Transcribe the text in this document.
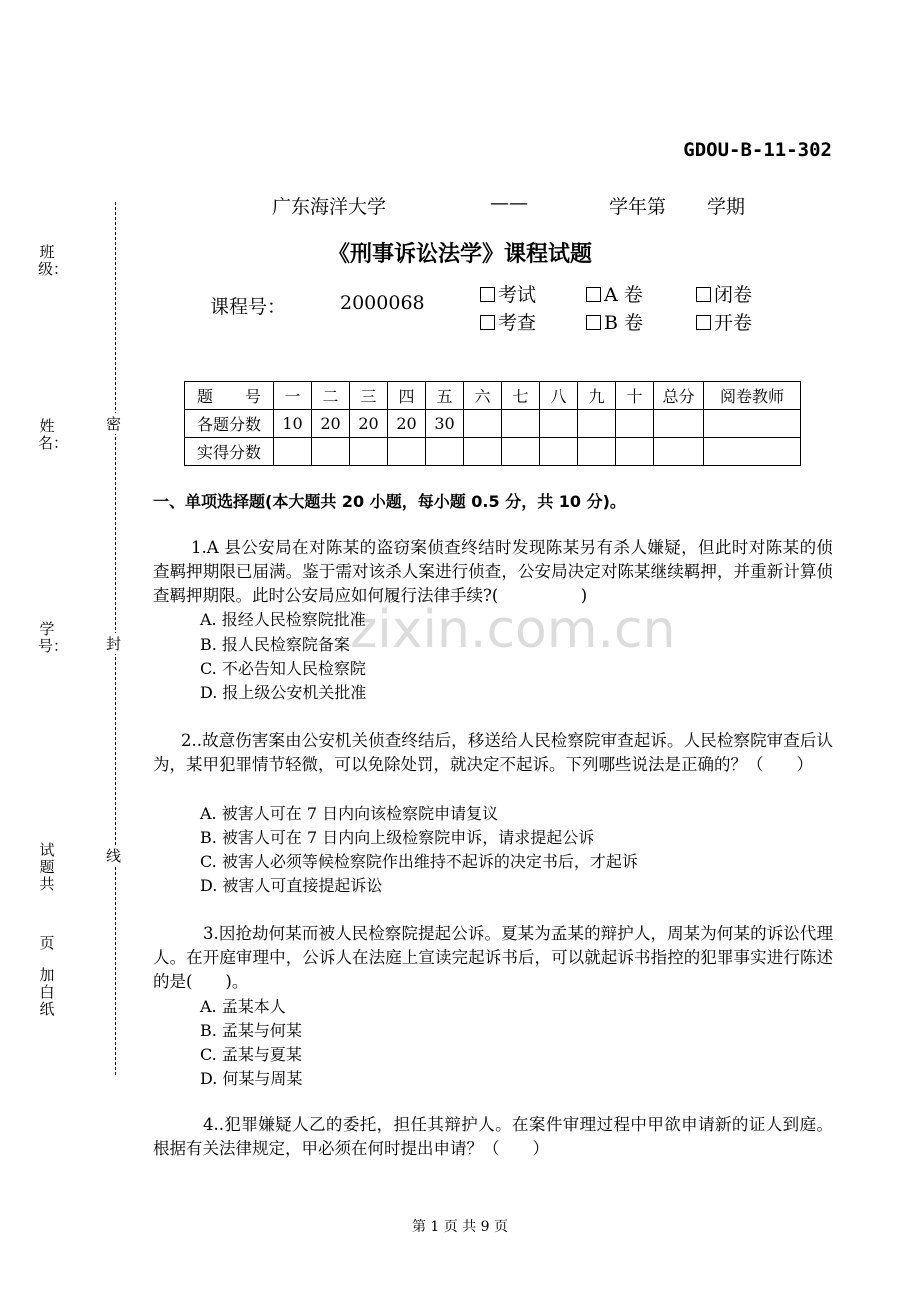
GDOU-B-11-302
广东海洋大学	——	学年第 学期
《刑事诉讼法学》课程试题
课程号：	2000068	考试
考查
A 卷
B 卷
闭卷
开卷
班级：
姓名：
学号：
试题共
页
加白纸
密
封
线
题　　号	一	二	三	四	五	六	七	八	九	十	总分	阅卷教师
各题分数	10	20	20	20	30							
实得分数												
一、单项选择题(本大题共 20 小题，每小题 0.5 分，共 10 分)。
zixin.com.cn
1.A 县公安局在对陈某的盗窃案侦查终结时发现陈某另有杀人嫌疑，但此时对陈某的侦查羁押期限已届满。鉴于需对该杀人案进行侦查，公安局决定对陈某继续羁押，并重新计算侦查羁押期限。此时公安局应如何履行法律手续?(　　　　　)
A. 报经人民检察院批准
B. 报人民检察院备案
C. 不必告知人民检察院
D. 报上级公安机关批准
2..故意伤害案由公安机关侦查终结后，移送给人民检察院审查起诉。人民检察院审查后认为，某甲犯罪情节轻微，可以免除处罚，就决定不起诉。下列哪些说法是正确的？（　　）
A. 被害人可在 7 日内向该检察院申请复议
B. 被害人可在 7 日内向上级检察院申诉，请求提起公诉
C. 被害人必须等候检察院作出维持不起诉的决定书后，才起诉
D. 被害人可直接提起诉讼
3.因抢劫何某而被人民检察院提起公诉。夏某为孟某的辩护人，周某为何某的诉讼代理人。在开庭审理中，公诉人在法庭上宣读完起诉书后，可以就起诉书指控的犯罪事实进行陈述的是(　　)。
A. 孟某本人
B. 孟某与何某
C. 孟某与夏某
D. 何某与周某
4..犯罪嫌疑人乙的委托，担任其辩护人。在案件审理过程中甲欲申请新的证人到庭。根据有关法律规定，甲必须在何时提出申请？（　　）
第 1 页 共 9 页
